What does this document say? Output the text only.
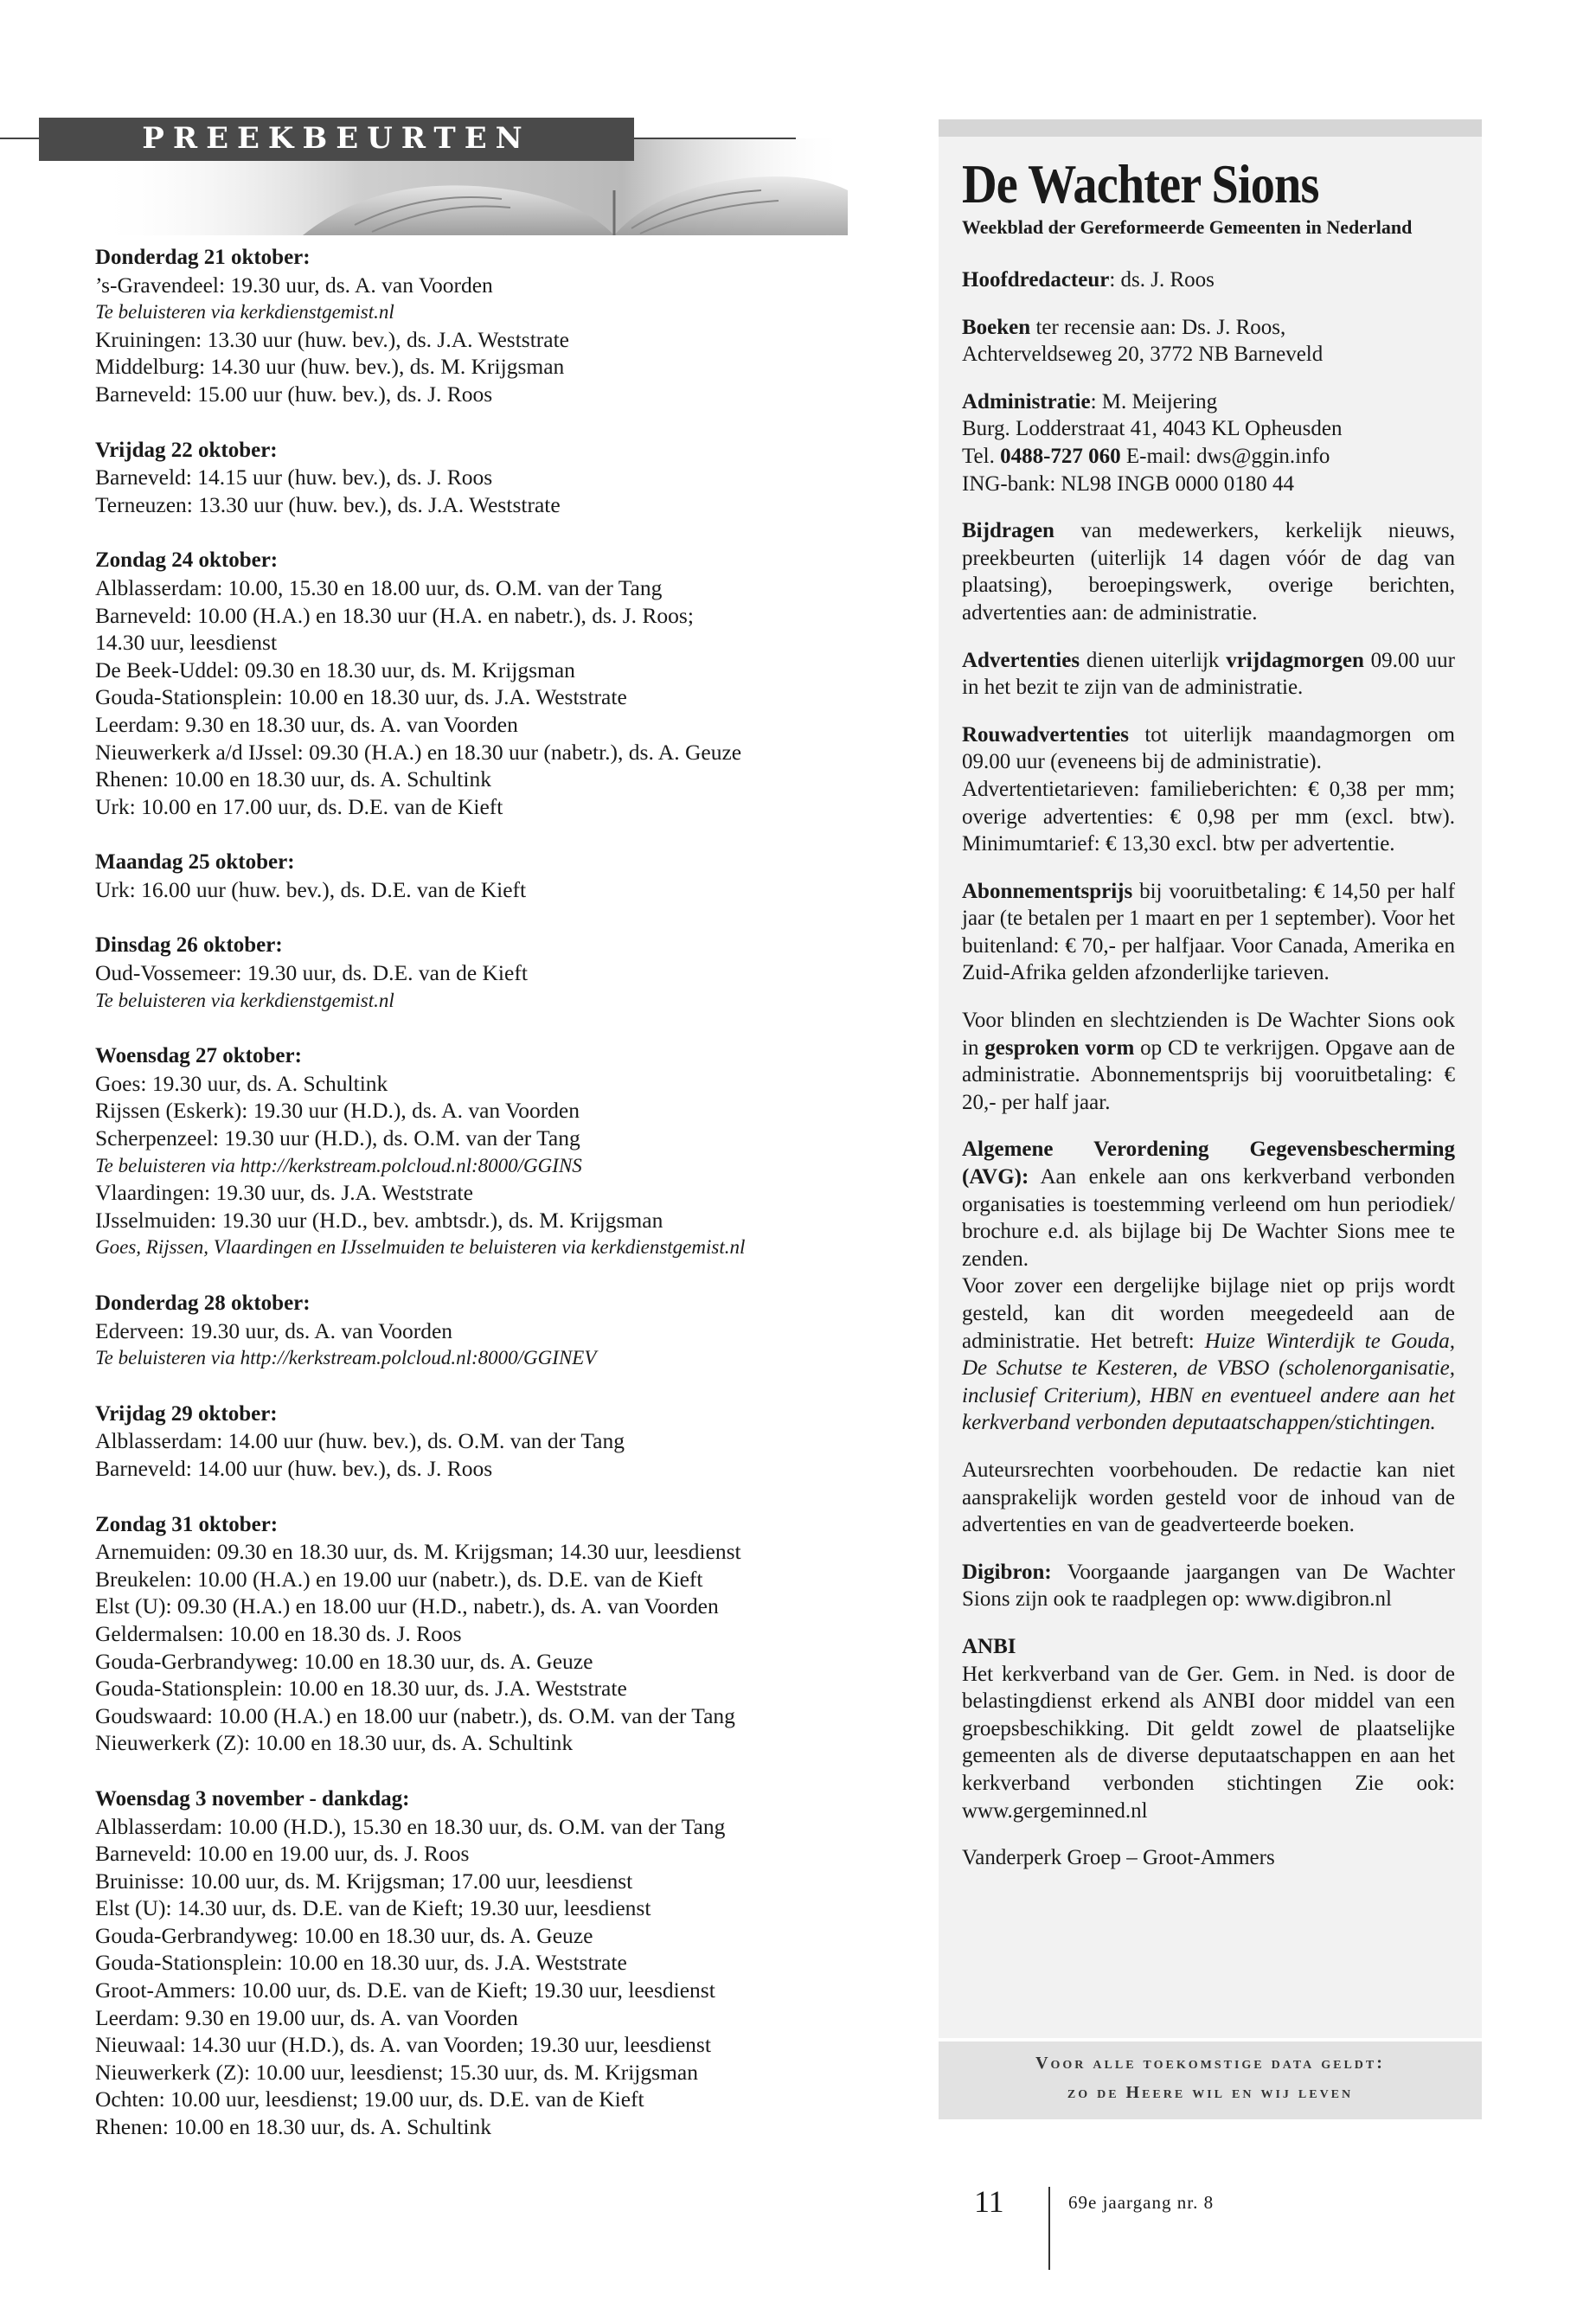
PREEKBEURTEN
Donderdag 21 oktober:
’s-Gravendeel: 19.30 uur, ds. A. van Voorden
Te beluisteren via kerkdienstgemist.nl
Kruiningen: 13.30 uur (huw. bev.), ds. J.A. Weststrate
Middelburg: 14.30 uur (huw. bev.), ds. M. Krijgsman
Barneveld: 15.00 uur (huw. bev.), ds. J. Roos
Vrijdag 22 oktober:
Barneveld: 14.15 uur (huw. bev.), ds. J. Roos
Terneuzen: 13.30 uur (huw. bev.), ds. J.A. Weststrate
Zondag 24 oktober:
Alblasserdam: 10.00, 15.30 en 18.00 uur, ds. O.M. van der Tang
Barneveld: 10.00 (H.A.) en 18.30 uur (H.A. en nabetr.), ds. J. Roos;
14.30 uur, leesdienst
De Beek-Uddel: 09.30 en 18.30 uur, ds. M. Krijgsman
Gouda-Stationsplein: 10.00 en 18.30 uur, ds. J.A. Weststrate
Leerdam: 9.30 en 18.30 uur, ds. A. van Voorden
Nieuwerkerk a/d IJssel: 09.30 (H.A.) en 18.30 uur (nabetr.), ds. A. Geuze
Rhenen: 10.00 en 18.30 uur, ds. A. Schultink
Urk: 10.00 en 17.00 uur, ds. D.E. van de Kieft
Maandag 25 oktober:
Urk: 16.00 uur (huw. bev.), ds. D.E. van de Kieft
Dinsdag 26 oktober:
Oud-Vossemeer: 19.30 uur, ds. D.E. van de Kieft
Te beluisteren via kerkdienstgemist.nl
Woensdag 27 oktober:
Goes: 19.30 uur, ds. A. Schultink
Rijssen (Eskerk): 19.30 uur (H.D.), ds. A. van Voorden
Scherpenzeel: 19.30 uur (H.D.), ds. O.M. van der Tang
Te beluisteren via http://kerkstream.polcloud.nl:8000/GGINS
Vlaardingen: 19.30 uur, ds. J.A. Weststrate
IJsselmuiden: 19.30 uur (H.D., bev. ambtsdr.), ds. M. Krijgsman
Goes, Rijssen, Vlaardingen en IJsselmuiden te beluisteren via kerkdienstgemist.nl
Donderdag 28 oktober:
Ederveen: 19.30 uur, ds. A. van Voorden
Te beluisteren via http://kerkstream.polcloud.nl:8000/GGINEV
Vrijdag 29 oktober:
Alblasserdam: 14.00 uur (huw. bev.), ds. O.M. van der Tang
Barneveld: 14.00 uur (huw. bev.), ds. J. Roos
Zondag 31 oktober:
Arnemuiden: 09.30 en 18.30 uur, ds. M. Krijgsman; 14.30 uur, leesdienst
Breukelen: 10.00 (H.A.) en 19.00 uur (nabetr.), ds. D.E. van de Kieft
Elst (U): 09.30 (H.A.) en 18.00 uur (H.D., nabetr.), ds. A. van Voorden
Geldermalsen: 10.00 en 18.30 ds. J. Roos
Gouda-Gerbrandyweg: 10.00 en 18.30 uur, ds. A. Geuze
Gouda-Stationsplein: 10.00 en 18.30 uur, ds. J.A. Weststrate
Goudswaard: 10.00 (H.A.) en 18.00 uur (nabetr.), ds. O.M. van der Tang
Nieuwerkerk (Z): 10.00 en 18.30 uur, ds. A. Schultink
Woensdag 3 november - dankdag:
Alblasserdam: 10.00 (H.D.), 15.30 en 18.30 uur, ds. O.M. van der Tang
Barneveld: 10.00 en 19.00 uur, ds. J. Roos
Bruinisse: 10.00 uur, ds. M. Krijgsman; 17.00 uur, leesdienst
Elst (U): 14.30 uur, ds. D.E. van de Kieft; 19.30 uur, leesdienst
Gouda-Gerbrandyweg: 10.00 en 18.30 uur, ds. A. Geuze
Gouda-Stationsplein: 10.00 en 18.30 uur, ds. J.A. Weststrate
Groot-Ammers: 10.00 uur, ds. D.E. van de Kieft; 19.30 uur, leesdienst
Leerdam: 9.30 en 19.00 uur, ds. A. van Voorden
Nieuwaal: 14.30 uur (H.D.), ds. A. van Voorden; 19.30 uur, leesdienst
Nieuwerkerk (Z): 10.00 uur, leesdienst; 15.30 uur, ds. M. Krijgsman
Ochten: 10.00 uur, leesdienst; 19.00 uur, ds. D.E. van de Kieft
Rhenen: 10.00 en 18.30 uur, ds. A. Schultink
De Wachter Sions
Weekblad der Gereformeerde Gemeenten in Nederland

Hoofdredacteur: ds. J. Roos

Boeken ter recensie aan: Ds. J. Roos,
Achterveldseweg 20, 3772 NB Barneveld

Administratie: M. Meijering
Burg. Lodderstraat 41, 4043 KL Opheusden
Tel. 0488-727 060 E-mail: dws@ggin.info
ING-bank: NL98 INGB 0000 0180 44

Bijdragen van medewerkers, kerkelijk nieuws, preekbeurten (uiterlijk 14 dagen vóór de dag van plaatsing), beroepingswerk, overige berichten, advertenties aan: de administratie.

Advertenties dienen uiterlijk vrijdagmorgen 09.00 uur in het bezit te zijn van de administratie.

Rouwadvertenties tot uiterlijk maandagmorgen om 09.00 uur (eveneens bij de administratie).
Advertentietarieven: familieberichten: € 0,38 per mm; overige advertenties: € 0,98 per mm (excl. btw). Minimumtarief: € 13,30 excl. btw per advertentie.

Abonnementsprijs bij vooruitbetaling: € 14,50 per half jaar (te betalen per 1 maart en per 1 september). Voor het buitenland: € 70,- per halfjaar. Voor Canada, Amerika en Zuid-Afrika gelden afzonderlijke tarieven.

Voor blinden en slechtzienden is De Wachter Sions ook in gesproken vorm op CD te verkrijgen. Opgave aan de administratie. Abonnementsprijs bij vooruitbetaling: € 20,- per half jaar.

Algemene Verordening Gegevensbescherming (AVG): Aan enkele aan ons kerkverband verbonden organisaties is toestemming verleend om hun periodiek/ brochure e.d. als bijlage bij De Wachter Sions mee te zenden.

Voor zover een dergelijke bijlage niet op prijs wordt gesteld, kan dit worden meegedeeld aan de administratie. Het betreft: Huize Winterdijk te Gouda, De Schutse te Kesteren, de VBSO (scholenorganisatie, inclusief Criterium), HBN en eventueel andere aan het kerkverband verbonden deputaatschappen/stichtingen.

Auteursrechten voorbehouden. De redactie kan niet aansprakelijk worden gesteld voor de inhoud van de advertenties en van de geadverteerde boeken.

Digibron: Voorgaande jaargangen van De Wachter Sions zijn ook te raadplegen op: www.digibron.nl

ANBI
Het kerkverband van de Ger. Gem. in Ned. is door de belastingdienst erkend als ANBI door middel van een groepsbeschikking. Dit geldt zowel de plaatselijke gemeenten als de diverse deputaatschappen en aan het kerkverband verbonden stichtingen Zie ook: www.gergeminned.nl

Vanderperk Groep – Groot-Ammers

Voor alle toekomstige data geldt:
zo de Heere wil en wij leven
11	69e jaargang nr. 8
